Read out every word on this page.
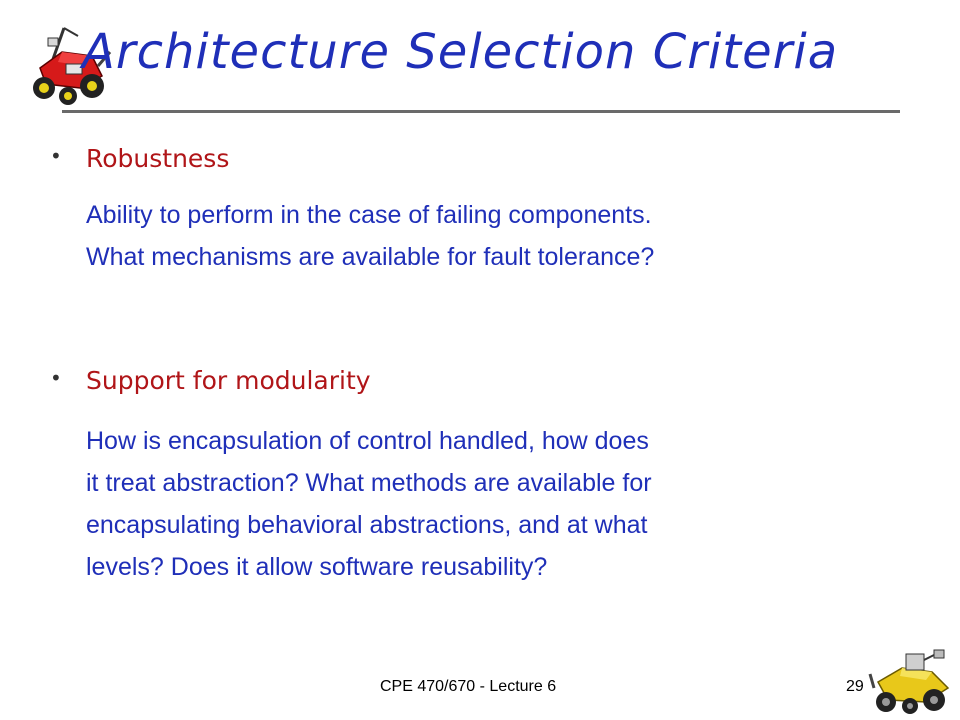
Architecture Selection Criteria
• Robustness

Ability to perform in the case of failing components.
What mechanisms are available for fault tolerance?
• Support for modularity

How is encapsulation of control handled, how does
it treat abstraction? What methods are available for
encapsulating behavioral abstractions, and at what
levels? Does it allow software reusability?
CPE 470/670 - Lecture 6	29
